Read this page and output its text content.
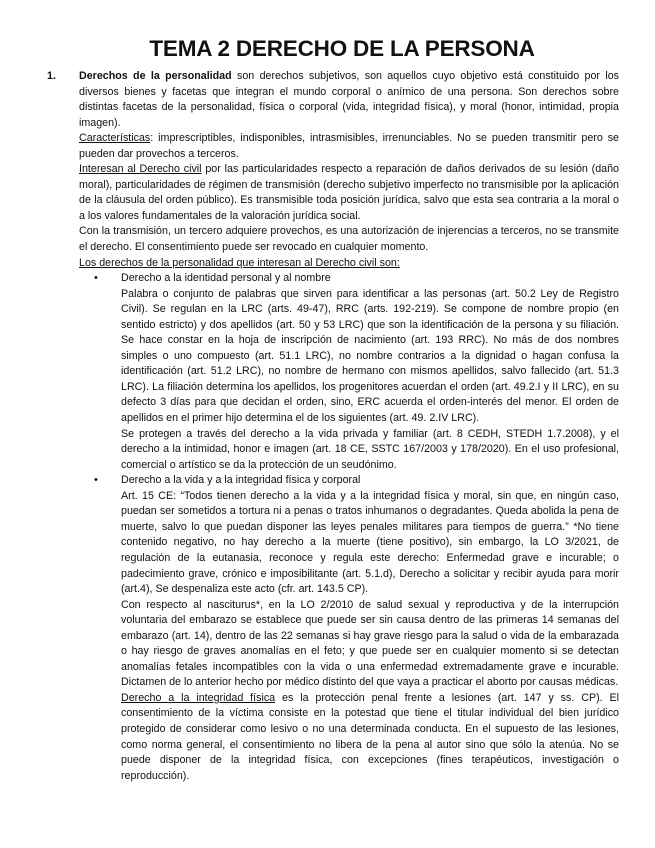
TEMA 2 DERECHO DE LA PERSONA
1.	Derechos de la personalidad son derechos subjetivos, son aquellos cuyo objetivo está constituido por los diversos bienes y facetas que integran el mundo corporal o anímico de una persona. Son derechos sobre distintas facetas de la personalidad, física o corporal (vida, integridad física), y moral (honor, intimidad, propia imagen).

Características: imprescriptibles, indisponibles, intrasmisibles, irrenunciables. No se pueden transmitir pero se pueden dar provechos a terceros.

Interesan al Derecho civil por las particularidades respecto a reparación de daños derivados de su lesión (daño moral), particularidades de régimen de transmisión (derecho subjetivo imperfecto no transmisible por la aplicación de la cláusula del orden público). Es transmisible toda posición jurídica, salvo que esta sea contraria a la moral o a los valores fundamentales de la valoración jurídica social.

Con la transmisión, un tercero adquiere provechos, es una autorización de injerencias a terceros, no se transmite el derecho. El consentimiento puede ser revocado en cualquier momento.

Los derechos de la personalidad que interesan al Derecho civil son:

•	Derecho a la identidad personal y al nombre

Palabra o conjunto de palabras que sirven para identificar a las personas (art. 50.2 Ley de Registro Civil). Se regulan en la LRC (arts. 49-47), RRC (arts. 192-219). Se compone de nombre propio (en sentido estricto) y dos apellidos (art. 50 y 53 LRC) que son la identificación de la persona y su filiación. Se hace constar en la hoja de inscripción de nacimiento (art. 193 RRC). No más de dos nombres simples o uno compuesto (art. 51.1 LRC), no nombre contrarios a la dignidad o hagan confusa la identificación (art. 51.2 LRC), no nombre de hermano con mismos apellidos, salvo fallecido (art. 51.3 LRC). La filiación determina los apellidos, los progenitores acuerdan el orden (art. 49.2.I y II LRC), en su defecto 3 días para que decidan el orden, sino, ERC acuerda el orden-interés del menor. El orden de apellidos en el primer hijo determina el de los siguientes (art. 49. 2.IV LRC).

Se protegen a través del derecho a la vida privada y familiar (art. 8 CEDH, STEDH 1.7.2008), y el derecho a la intimidad, honor e imagen (art. 18 CE, SSTC 167/2003 y 178/2020). En el uso profesional, comercial o artístico se da la protección de un seudónimo.

•	Derecho a la vida y a la integridad física y corporal

Art. 15 CE: “Todos tienen derecho a la vida y a la integridad física y moral, sin que, en ningún caso, puedan ser sometidos a tortura ni a penas o tratos inhumanos o degradantes. Queda abolida la pena de muerte, salvo lo que puedan disponer las leyes penales militares para tiempos de guerra.” *No tiene contenido negativo, no hay derecho a la muerte (tiene positivo), sin embargo, la LO 3/2021, de regulación de la eutanasia, reconoce y regula este derecho: Enfermedad grave e incurable; o padecimiento grave, crónico e imposibilitante (art. 5.1.d), Derecho a solicitar y recibir ayuda para morir (art.4), Se despenaliza este acto (cfr. art. 143.5 CP).

Con respecto al nasciturus*, en la LO 2/2010 de salud sexual y reproductiva y de la interrupción voluntaria del embarazo se establece que puede ser sin causa dentro de las primeras 14 semanas del embarazo (art. 14), dentro de las 22 semanas si hay grave riesgo para la salud o vida de la embarazada o hay riesgo de graves anomalías en el feto; y que puede ser en cualquier momento si se detectan anomalías fetales incompatibles con la vida o una enfermedad extremadamente grave e incurable. Dictamen de lo anterior hecho por médico distinto del que vaya a practicar el aborto por causas médicas.

Derecho a la integridad física es la protección penal frente a lesiones (art. 147 y ss. CP). El consentimiento de la víctima consiste en la potestad que tiene el titular individual del bien jurídico protegido de considerar como lesivo o no una determinada conducta. En el supuesto de las lesiones, como norma general, el consentimiento no libera de la pena al autor sino que sólo la atenúa. No se puede disponer de la integridad física, con excepciones (fines terapéuticos, investigación o reproducción).
